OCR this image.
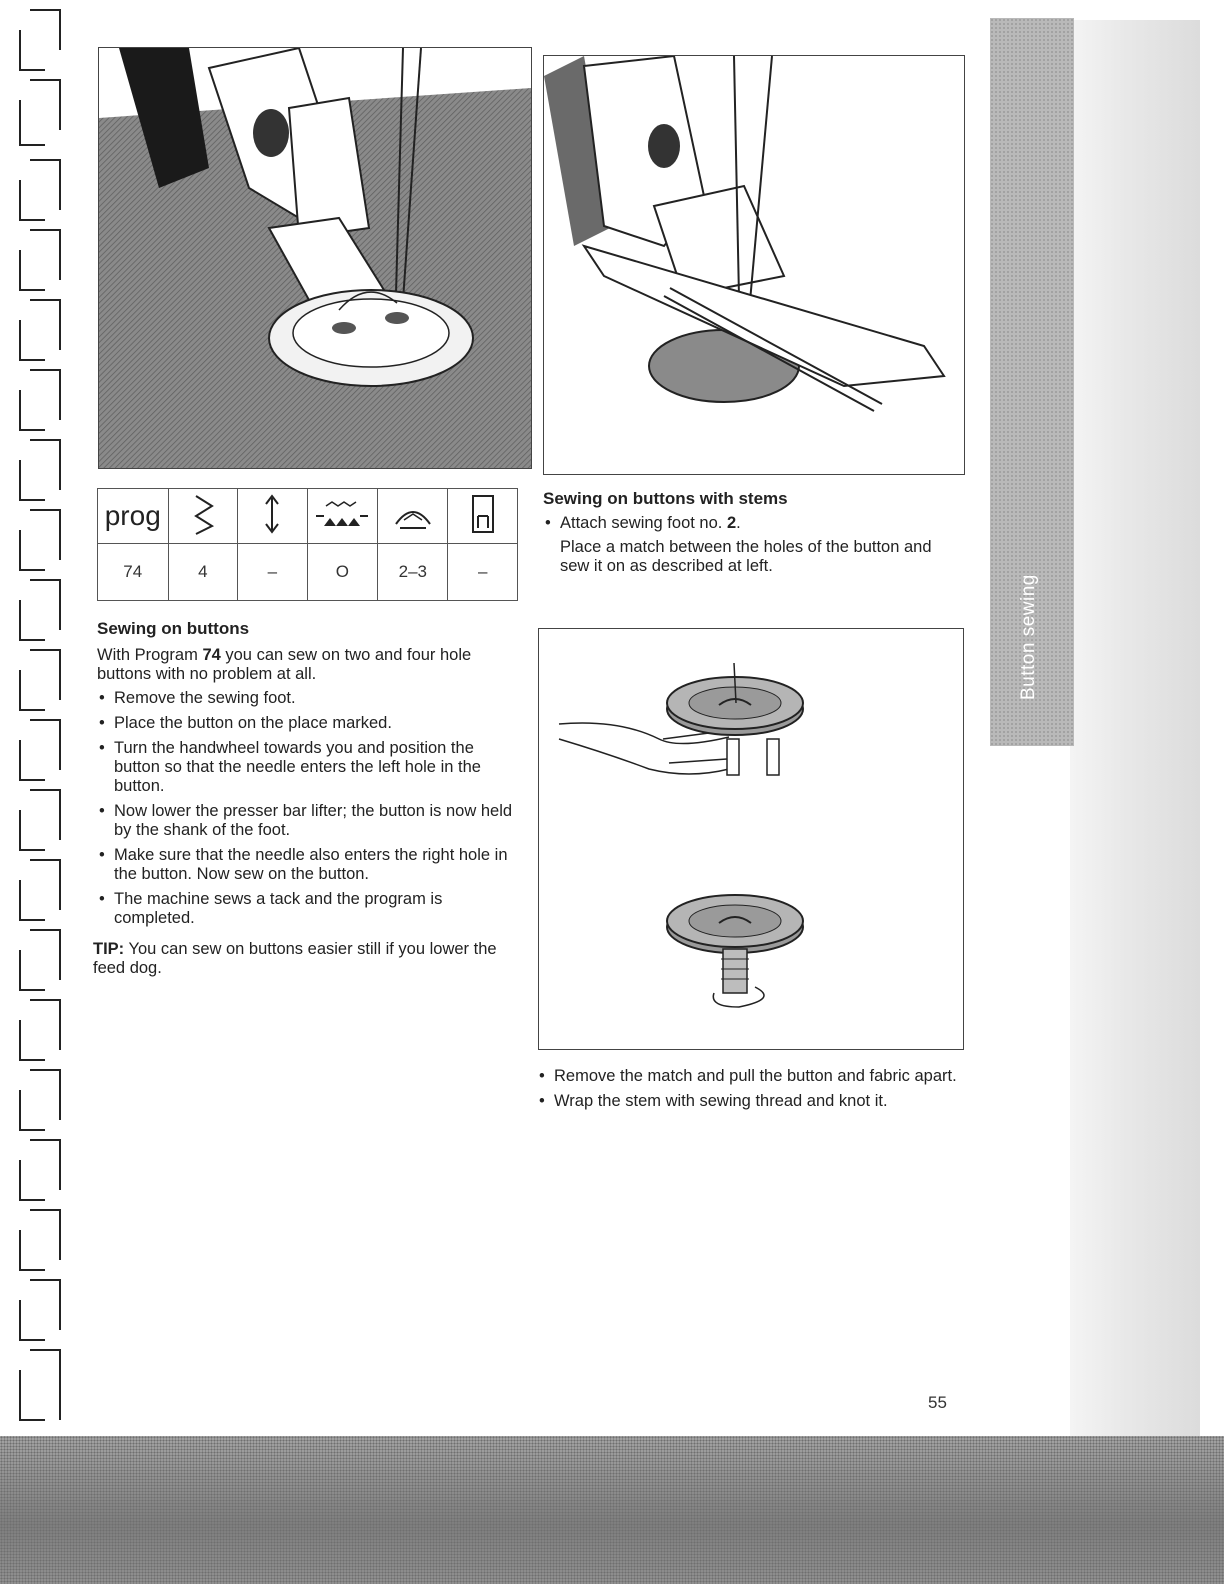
Button sewing
prog					
74	4	–	O	2–3	–
Sewing on buttons
With Program 74 you can sew on two and four hole buttons with no problem at all.
• Remove the sewing foot.
• Place the button on the place marked.
• Turn the handwheel towards you and position the button so that the needle enters the left hole in the button.
• Now lower the presser bar lifter; the button is now held by the shank of the foot.
• Make sure that the needle also enters the right hole in the button. Now sew on the button.
• The machine sews a tack and the program is completed.
TIP: You can sew on buttons easier still if you lower the feed dog.
Sewing on buttons with stems
• Attach sewing foot no. 2.
Place a match between the holes of the button and sew it on as described at left.
• Remove the match and pull the button and fabric apart.
• Wrap the stem with sewing thread and knot it.
55
